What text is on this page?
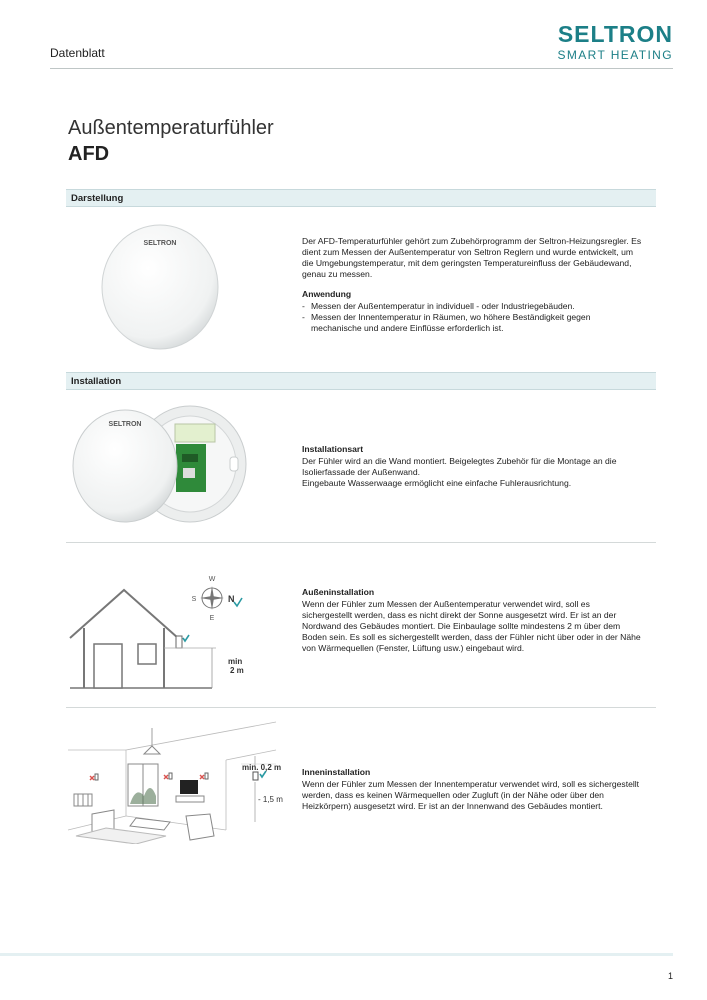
Datenblatt
SELTRON
SMART HEATING
Außentemperaturfühler
AFD
Darstellung
SELTRON	Der AFD-Temperaturfühler gehört zum Zubehörprogramm der Seltron-Heizungsregler. Es dient zum Messen der Außentemperatur von Seltron Reglern und wurde entwickelt, um die Umgebungstemperatur, mit dem geringsten Temperatureinfluss der Gebäudewand, genau zu messen.

Anwendung
- Messen der Außentemperatur in individuell - oder Industriegebäuden.
- Messen der Innentemperatur in Räumen, wo höhere Beständigkeit gegen mechanische und andere Einflüsse erforderlich ist.
Installation
SELTRON
Installationsart

Der Fühler wird an die Wand montiert. Beigelegtes Zubehör für die Montage an die Isolierfassade der Außenwand.

Eingebaute Wasserwaage ermöglicht eine einfache Fuhlerausrichtung.

min
2 m
W
E
S	N
Außeninstallation

Wenn der Fühler zum Messen der Außentemperatur verwendet wird, soll es sichergestellt werden, dass es nicht direkt der Sonne ausgesetzt wird. Er ist an der Nordwand des Gebäudes montiert. Die Einbaulage sollte mindestens 2 m über dem Boden sein. Es soll es sichergestellt werden, dass der Fühler nicht über oder in der Nähe von Wärmequellen (Fenster, Lüftung usw.) eingebaut wird.

min. 0,2 m
- 1,5 m
Inneninstallation

Wenn der Fühler zum Messen der Innentemperatur verwendet wird, soll es sichergestellt werden, dass es keinen Wärmequellen oder Zugluft (in der Nähe oder über den Heizkörpern) ausgesetzt wird. Er ist an der Innenwand des Gebäudes montiert.

1
